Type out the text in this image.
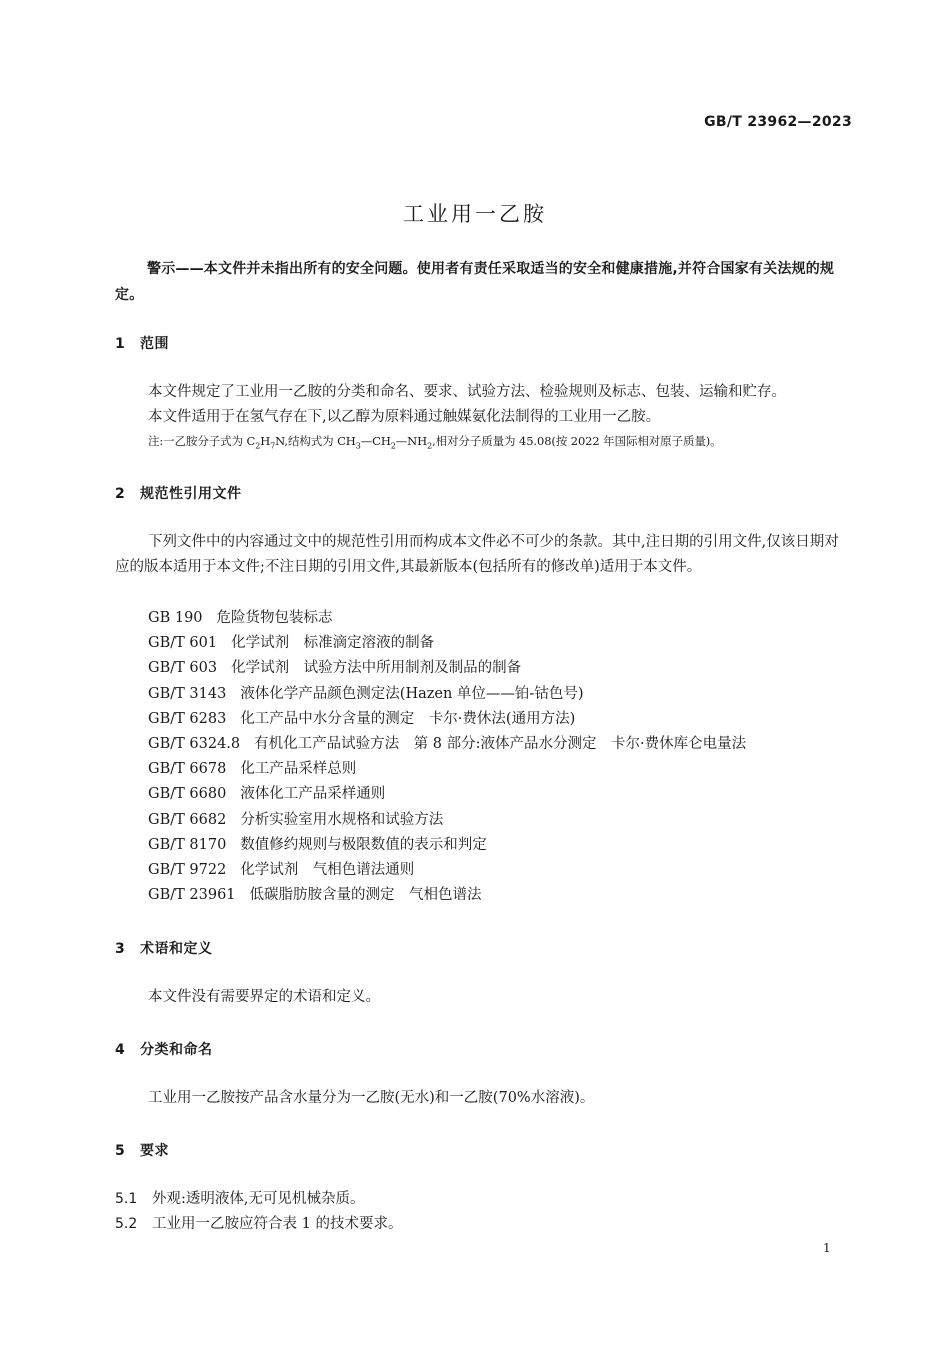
GB/T 23962—2023
工业用一乙胺
警示——本文件并未指出所有的安全问题。使用者有责任采取适当的安全和健康措施,并符合国家有关法规的规定。
1 范围
本文件规定了工业用一乙胺的分类和命名、要求、试验方法、检验规则及标志、包装、运输和贮存。
本文件适用于在氢气存在下,以乙醇为原料通过触媒氨化法制得的工业用一乙胺。
注:一乙胺分子式为 $C_2H_7N$,结构式为 $CH_3—CH_2—NH_2$,相对分子质量为 45.08(按 2022 年国际相对原子质量)。
2 规范性引用文件
下列文件中的内容通过文中的规范性引用而构成本文件必不可少的条款。其中,注日期的引用文件,仅该日期对应的版本适用于本文件;不注日期的引用文件,其最新版本(包括所有的修改单)适用于本文件。
GB 190 危险货物包装标志
GB/T 601 化学试剂　标准滴定溶液的制备
GB/T 603 化学试剂　试验方法中所用制剂及制品的制备
GB/T 3143 液体化学产品颜色测定法(Hazen 单位——铂-钴色号)
GB/T 6283 化工产品中水分含量的测定　卡尔·费休法(通用方法)
GB/T 6324.8 有机化工产品试验方法　第 8 部分:液体产品水分测定　卡尔·费休库仑电量法
GB/T 6678 化工产品采样总则
GB/T 6680 液体化工产品采样通则
GB/T 6682 分析实验室用水规格和试验方法
GB/T 8170 数值修约规则与极限数值的表示和判定
GB/T 9722 化学试剂　气相色谱法通则
GB/T 23961 低碳脂肪胺含量的测定　气相色谱法
3 术语和定义
本文件没有需要界定的术语和定义。
4 分类和命名
工业用一乙胺按产品含水量分为一乙胺(无水)和一乙胺(70%水溶液)。
5 要求
5.1 外观:透明液体,无可见机械杂质。
5.2 工业用一乙胺应符合表 1 的技术要求。
1
